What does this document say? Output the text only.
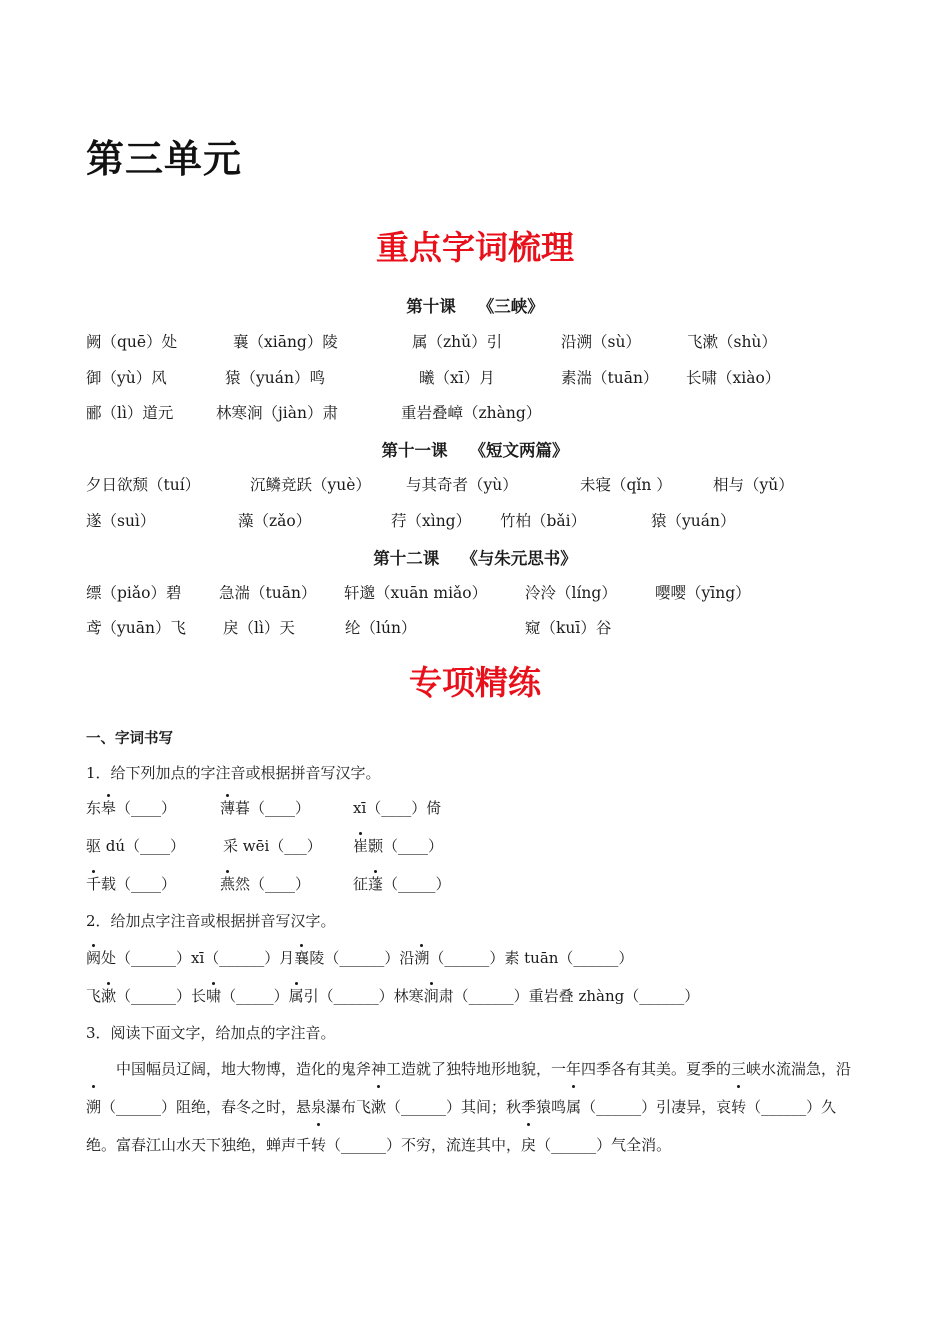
第三单元
重点字词梳理
第十课 《三峡》
阙（quē）处	襄（xiāng）陵	属（zhǔ）引	沿溯（sù）	飞漱（shù）
御（yù）风	猿（yuán）鸣	曦（xī）月	素湍（tuān） 长啸（xiào）
郦（lì）道元	林寒涧（jiàn）肃	重岩叠嶂（zhàng）
第十一课 《短文两篇》
夕日欲颓（tuí）	沉鳞竞跃（yuè） 与其奇者（yù）	未寝（qǐn ）	相与（yǔ）
遂（suì）	藻（zǎo）	荇（xìng） 竹柏（bǎi）	猿（yuán）
第十二课 《与朱元思书》
缥（piǎo）碧 急湍（tuān） 轩邈（xuān miǎo） 泠泠（líng） 嘤嘤（yīng）
鸢（yuān）飞 戾（lì）天	纶（lún）	窥（kuī）谷
专项精练
一、字词书写
1．给下列加点的字注音或根据拼音写汉字。
东皋（____）	薄暮（____）	xī（____）倚
驱 dú（____）	采 wēi（___） 崔颢（____）
千载（____）	燕然（____）	征蓬（_____）
2．给加点字注音或根据拼音写汉字。
阙处（______）xī（______）月襄陵（______）沿溯（______）素 tuān（______）
飞漱（______）长啸（_____）属引（______）林寒涧肃（______）重岩叠 zhàng（______）
3．阅读下面文字，给加点的字注音。
　　中国幅员辽阔，地大物博，造化的鬼斧神工造就了独特地形地貌，一年四季各有其美。夏季的三峡水流湍急，沿溯（______）阻绝，春冬之时，悬泉瀑布飞漱（______）其间；秋季猿鸣属（______）引凄异，哀转（______）久绝。富春江山水天下独绝，蝉声千转（______）不穷，流连其中，戾（______）气全消。
